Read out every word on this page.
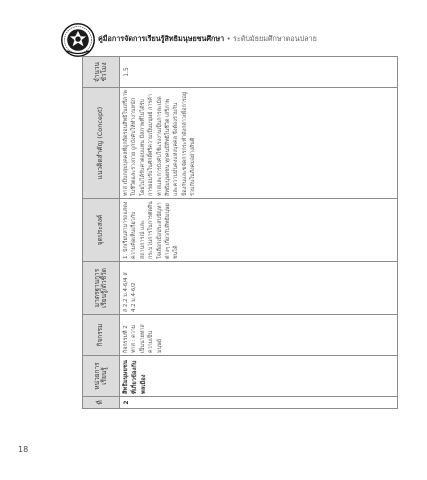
คู่มือการจัดการเรียนรู้สิทธิมนุษยชนศึกษา • ระดับมัธยมศึกษาตอนปลาย
ที่	หน่วยการเรียนรู้	กิจกรรม	มาตรฐานการเรียนรู้/ตัวชี้วัด	จุดประสงค์	แนวคิดสำคัญ (Concept)	จำนวนชั่วโมง
2	สิทธิมนุษยชนที่เกี่ยวข้องกับพลเมือง	กิจกรรมที่ 2 ทาส : ความเป็นนายทาส ความเป็นมนุษย์	ส 2.2 ม.4-6/4 ส 4.2 ม.4-6/2	1. นักเรียนสามารถแสดงความคิดเห็นเกี่ยวกับสถานการณ์ และกระบวนการในการตัดสินใจเลือกเมื่อประสบปัญหาต่างๆ เกี่ยวกับสิทธิมนุษยชนได้	ทาส เป็นกลุ่มบุคคลที่ถูกลิดรอนสิทธิในเสรีภาพในชีวิตและร่างกาย ถูกบังคับให้ทำงานหนักโดยไม่ได้รับค่าตอบแทน มีสภาพที่ไม่ได้รับการยอมรับในศักดิ์ศรีความเป็นมนุษย์ การค้าทาสและการบังคับใช้แรงงานเป็นการละเมิดสิทธิมนุษยชน ทุกคนมีสิทธิในชีวิต เสรีภาพและความมั่นคงแห่งบุคคล จึงต้องร่วมกันป้องกันและขจัดการกระทำดังกล่าวเพื่อการอยู่ร่วมกันในสังคมอย่างสันติ	1.5
18
